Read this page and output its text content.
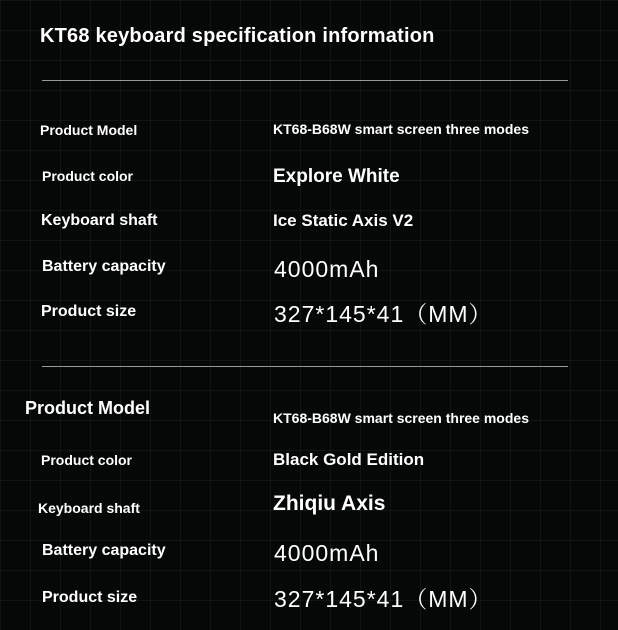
KT68 keyboard specification information
Product Model	KT68-B68W smart screen three modes
Product color	Explore White
Keyboard shaft	Ice Static Axis V2
Battery capacity	4000mAh
Product size	327*145*41（MM）
Product Model	KT68-B68W smart screen three modes
Product color	Black Gold Edition
Keyboard shaft	Zhiqiu Axis
Battery capacity	4000mAh
Product size	327*145*41（MM）
